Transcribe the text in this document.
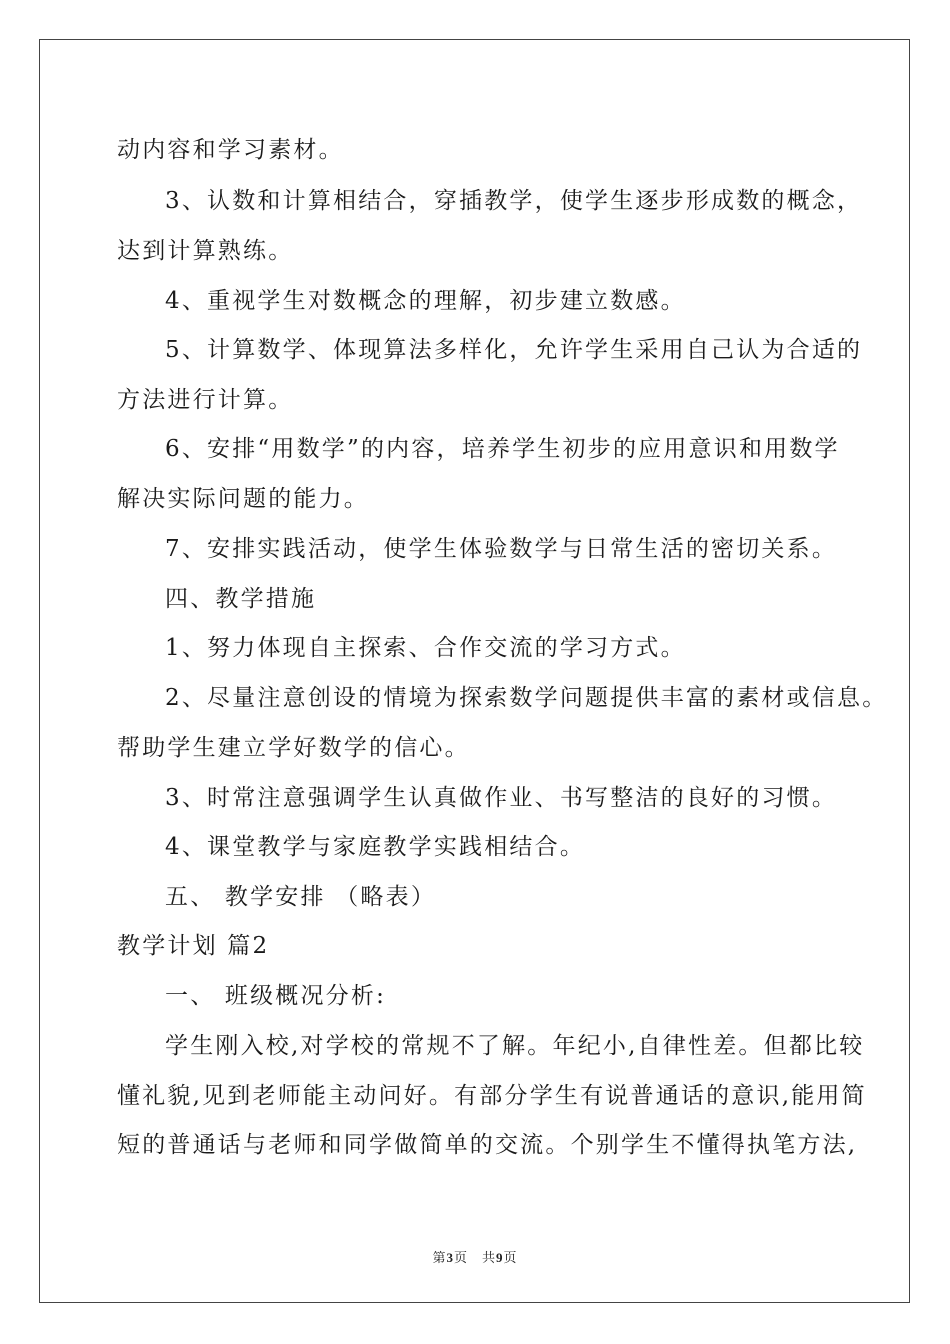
动内容和学习素材。
3、认数和计算相结合，穿插教学，使学生逐步形成数的概念，
达到计算熟练。
4、重视学生对数概念的理解，初步建立数感。
5、计算数学、体现算法多样化，允许学生采用自己认为合适的
方法进行计算。
6、安排“用数学”的内容，培养学生初步的应用意识和用数学
解决实际问题的能力。
7、安排实践活动，使学生体验数学与日常生活的密切关系。
四、教学措施
1、努力体现自主探索、合作交流的学习方式。
2、尽量注意创设的情境为探索数学问题提供丰富的素材或信息。
帮助学生建立学好数学的信心。
3、时常注意强调学生认真做作业、书写整洁的良好的习惯。
4、课堂教学与家庭教学实践相结合。
五、 教学安排 （略表）
教学计划 篇2
一、 班级概况分析:
学生刚入校,对学校的常规不了解。年纪小,自律性差。但都比较
懂礼貌,见到老师能主动问好。有部分学生有说普通话的意识,能用简
短的普通话与老师和同学做简单的交流。个别学生不懂得执笔方法,
第3页　共9页
